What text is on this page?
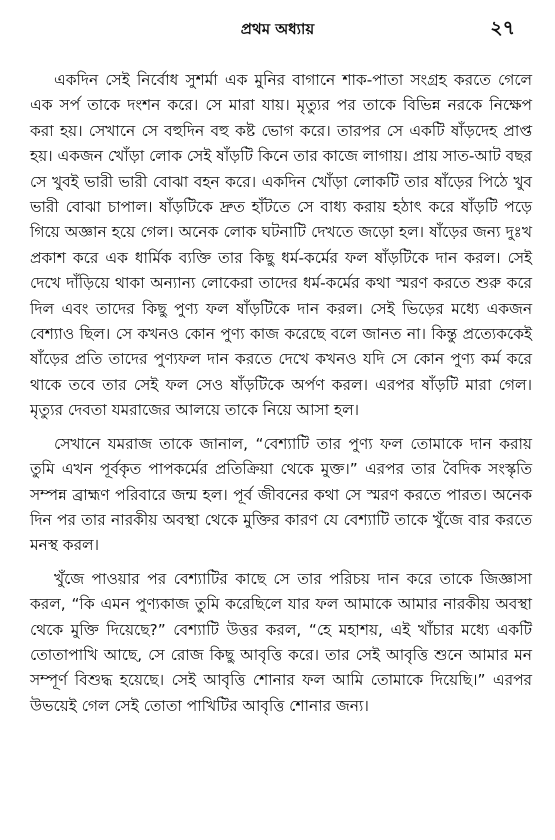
প্রথম অধ্যায়	২৭

একদিন সেই নির্বোধ সুশর্মা এক মুনির বাগানে শাক-পাতা সংগ্রহ করতে গেলে এক সর্প তাকে দংশন করে। সে মারা যায়। মৃত্যুর পর তাকে বিভিন্ন নরকে নিক্ষেপ করা হয়। সেখানে সে বহুদিন বহু কষ্ট ভোগ করে। তারপর সে একটি ষাঁড়দেহ প্রাপ্ত হয়। একজন খোঁড়া লোক সেই ষাঁড়টি কিনে তার কাজে লাগায়। প্রায় সাত-আট বছর সে খুবই ভারী ভারী বোঝা বহন করে। একদিন খোঁড়া লোকটি তার ষাঁড়ের পিঠে খুব ভারী বোঝা চাপাল। ষাঁড়টিকে দ্রুত হাঁটতে সে বাধ্য করায় হঠাৎ করে ষাঁড়টি পড়ে গিয়ে অজ্ঞান হয়ে গেল। অনেক লোক ঘটনাটি দেখতে জড়ো হল। ষাঁড়ের জন্য দুঃখ প্রকাশ করে এক ধার্মিক ব্যক্তি তার কিছু ধর্ম-কর্মের ফল ষাঁড়টিকে দান করল। সেই দেখে দাঁড়িয়ে থাকা অন্যান্য লোকেরা তাদের ধর্ম-কর্মের কথা স্মরণ করতে শুরু করে দিল এবং তাদের কিছু পুণ্য ফল ষাঁড়টিকে দান করল। সেই ভিড়ের মধ্যে একজন বেশ্যাও ছিল। সে কখনও কোন পুণ্য কাজ করেছে বলে জানত না। কিন্তু প্রত্যেককেই ষাঁড়ের প্রতি তাদের পুণ্যফল দান করতে দেখে কখনও যদি সে কোন পুণ্য কর্ম করে থাকে তবে তার সেই ফল সেও ষাঁড়টিকে অর্পণ করল। এরপর ষাঁড়টি মারা গেল। মৃত্যুর দেবতা যমরাজের আলয়ে তাকে নিয়ে আসা হল।

সেখানে যমরাজ তাকে জানাল, “বেশ্যাটি তার পুণ্য ফল তোমাকে দান করায় তুমি এখন পূর্বকৃত পাপকর্মের প্রতিক্রিয়া থেকে মুক্ত।” এরপর তার বৈদিক সংস্কৃতি সম্পন্ন ব্রাহ্মণ পরিবারে জন্ম হল। পূর্ব জীবনের কথা সে স্মরণ করতে পারত। অনেক দিন পর তার নারকীয় অবস্থা থেকে মুক্তির কারণ যে বেশ্যাটি তাকে খুঁজে বার করতে মনস্থ করল।

খুঁজে পাওয়ার পর বেশ্যাটির কাছে সে তার পরিচয় দান করে তাকে জিজ্ঞাসা করল, “কি এমন পুণ্যকাজ তুমি করেছিলে যার ফল আমাকে আমার নারকীয় অবস্থা থেকে মুক্তি দিয়েছে?” বেশ্যাটি উত্তর করল, “হে মহাশয়, এই খাঁচার মধ্যে একটি তোতাপাখি আছে, সে রোজ কিছু আবৃত্তি করে। তার সেই আবৃত্তি শুনে আমার মন সম্পূর্ণ বিশুদ্ধ হয়েছে। সেই আবৃত্তি শোনার ফল আমি তোমাকে দিয়েছি।” এরপর উভয়েই গেল সেই তোতা পাখিটির আবৃত্তি শোনার জন্য।
